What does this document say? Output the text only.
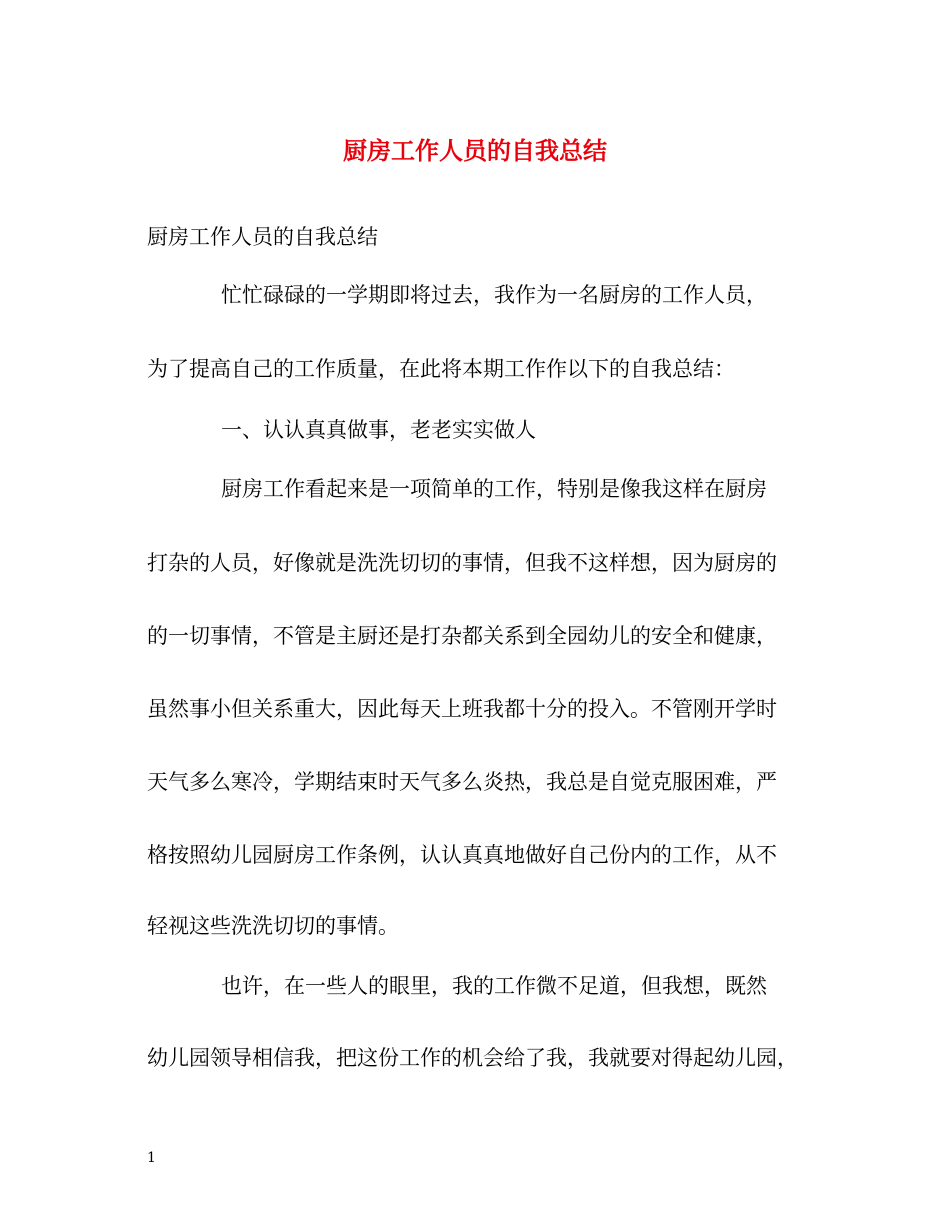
厨房工作人员的自我总结
厨房工作人员的自我总结
忙忙碌碌的一学期即将过去，我作为一名厨房的工作人员，
为了提高自己的工作质量，在此将本期工作作以下的自我总结：
一、认认真真做事，老老实实做人
厨房工作看起来是一项简单的工作，特别是像我这样在厨房
打杂的人员，好像就是洗洗切切的事情，但我不这样想，因为厨房的
的一切事情，不管是主厨还是打杂都关系到全园幼儿的安全和健康，
虽然事小但关系重大，因此每天上班我都十分的投入。不管刚开学时
天气多么寒冷，学期结束时天气多么炎热，我总是自觉克服困难，严
格按照幼儿园厨房工作条例，认认真真地做好自己份内的工作，从不
轻视这些洗洗切切的事情。
也许，在一些人的眼里，我的工作微不足道，但我想，既然
幼儿园领导相信我，把这份工作的机会给了我，我就要对得起幼儿园，
1
